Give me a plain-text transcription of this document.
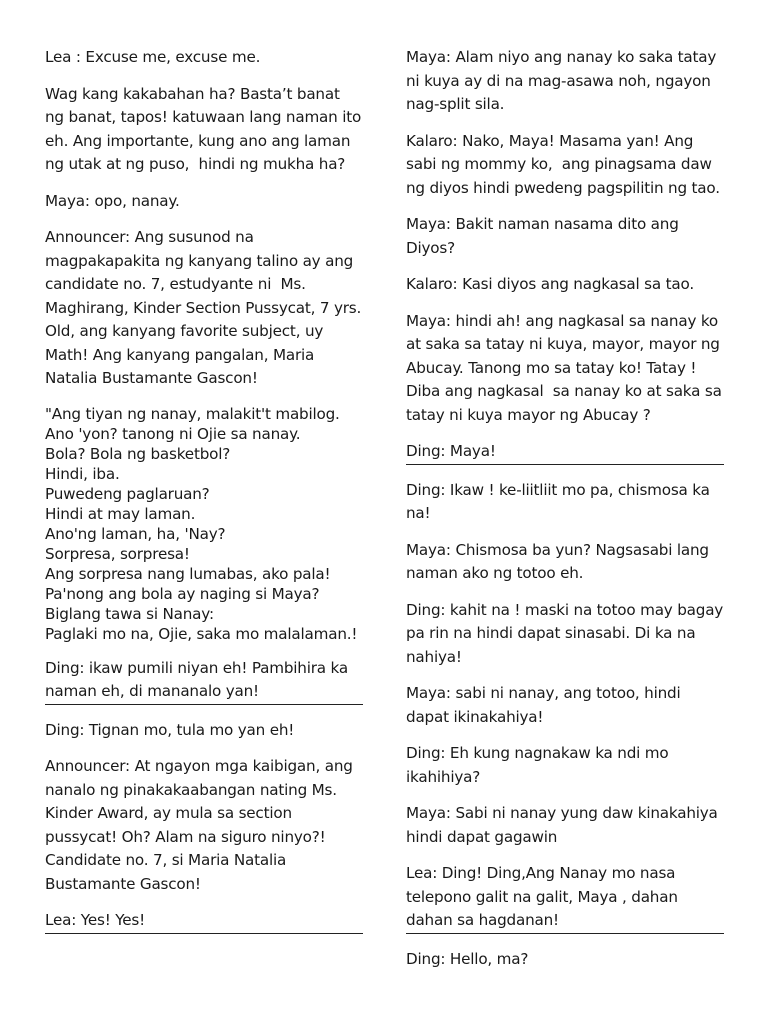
Lea : Excuse me, excuse me.

Wag kang kakabahan ha? Basta’t banat ng banat, tapos! katuwaan lang naman ito eh. Ang importante, kung ano ang laman ng utak at ng puso,  hindi ng mukha ha?

Maya: opo, nanay.

Announcer: Ang susunod na magpakapakita ng kanyang talino ay ang candidate no. 7, estudyante ni  Ms. Maghirang, Kinder Section Pussycat, 7 yrs. Old, ang kanyang favorite subject, uy Math! Ang kanyang pangalan, Maria Natalia Bustamante Gascon!

"Ang tiyan ng nanay, malakit't mabilog.
Ano 'yon? tanong ni Ojie sa nanay.
Bola? Bola ng basketbol?
Hindi, iba.
Puwedeng paglaruan?
Hindi at may laman.
Ano'ng laman, ha, 'Nay?
Sorpresa, sorpresa!
Ang sorpresa nang lumabas, ako pala!
Pa'nong ang bola ay naging si Maya?
Biglang tawa si Nanay:
Paglaki mo na, Ojie, saka mo malalaman.!

Ding: ikaw pumili niyan eh! Pambihira ka naman eh, di mananalo yan!

Ding: Tignan mo, tula mo yan eh!

Announcer: At ngayon mga kaibigan, ang nanalo ng pinakakaabangan nating Ms. Kinder Award, ay mula sa section pussycat! Oh? Alam na siguro ninyo?! Candidate no. 7, si Maria Natalia Bustamante Gascon!

Lea: Yes! Yes!

Maya: Alam niyo ang nanay ko saka tatay ni kuya ay di na mag-asawa noh, ngayon nag-split sila.

Kalaro: Nako, Maya! Masama yan! Ang sabi ng mommy ko,  ang pinagsama daw ng diyos hindi pwedeng pagspilitin ng tao.

Maya: Bakit naman nasama dito ang Diyos?

Kalaro: Kasi diyos ang nagkasal sa tao.

Maya: hindi ah! ang nagkasal sa nanay ko at saka sa tatay ni kuya, mayor, mayor ng Abucay. Tanong mo sa tatay ko! Tatay ! Diba ang nagkasal  sa nanay ko at saka sa tatay ni kuya mayor ng Abucay ?

Ding: Maya!

Ding: Ikaw ! ke-liitliit mo pa, chismosa ka na!

Maya: Chismosa ba yun? Nagsasabi lang naman ako ng totoo eh.

Ding: kahit na ! maski na totoo may bagay pa rin na hindi dapat sinasabi. Di ka na nahiya!

Maya: sabi ni nanay, ang totoo, hindi dapat ikinakahiya!

Ding: Eh kung nagnakaw ka ndi mo ikahihiya?

Maya: Sabi ni nanay yung daw kinakahiya hindi dapat gagawin

Lea: Ding! Ding,Ang Nanay mo nasa telepono galit na galit, Maya , dahan dahan sa hagdanan!

Ding: Hello, ma?
